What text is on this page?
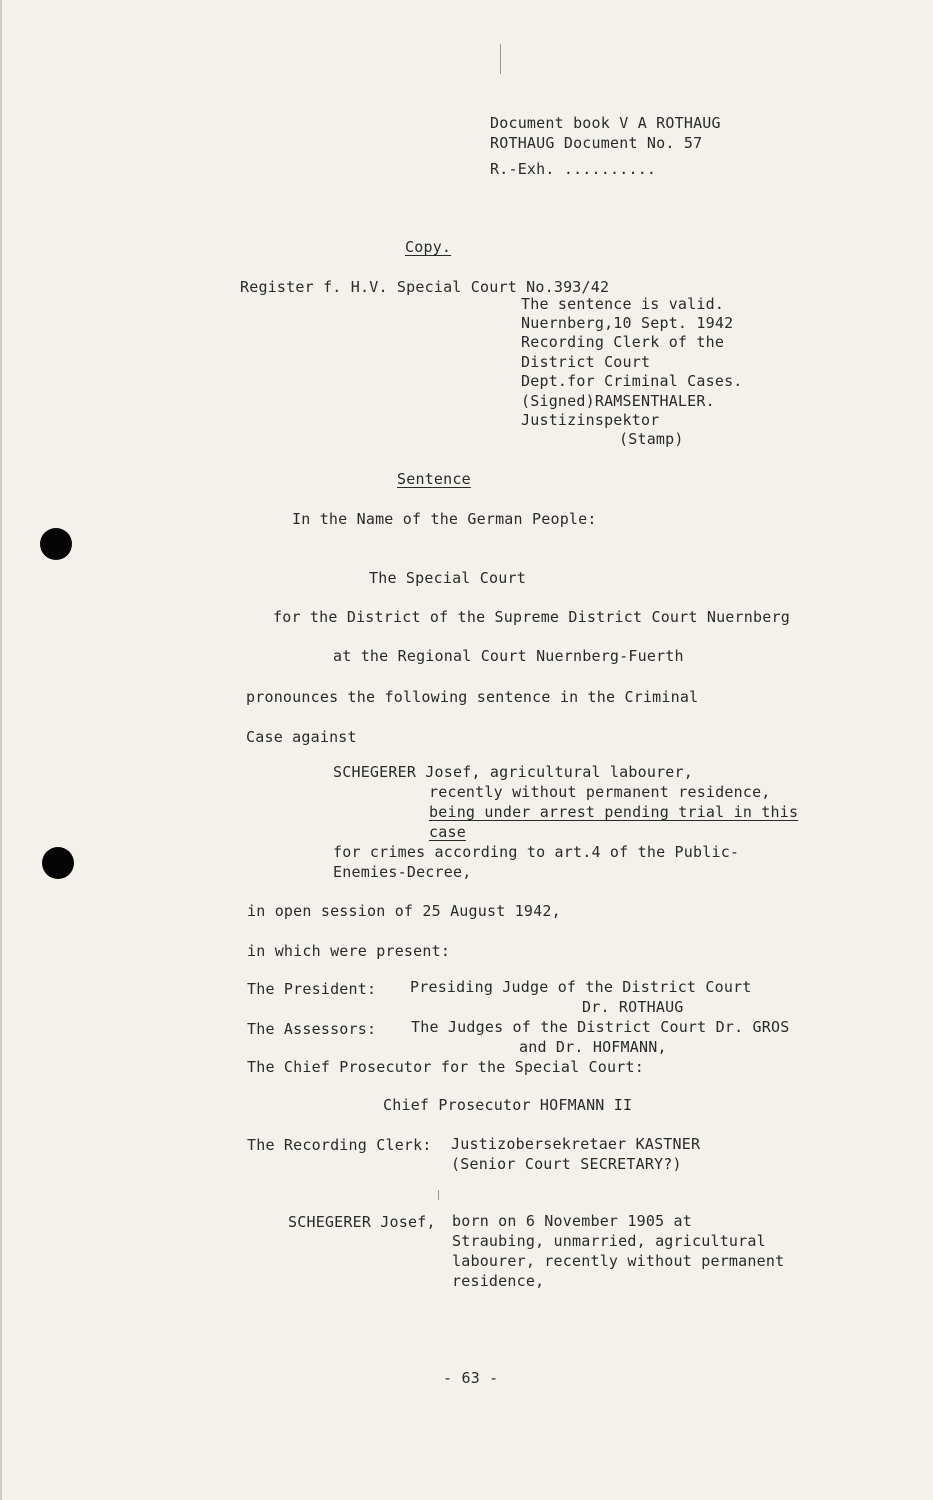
Document book V A ROTHAUG
ROTHAUG Document No. 57
R.-Exh. ..........
Copy.
Register f. H.V. Special Court No.393/42
The sentence is valid.
Nuernberg,10 Sept. 1942
Recording Clerk of the
District Court
Dept.for Criminal Cases.
(Signed)RAMSENTHALER.
Justizinspektor
(Stamp)
Sentence
In the Name of the German People:
The Special Court
for the District of the Supreme District Court Nuernberg
at the Regional Court Nuernberg-Fuerth
pronounces the following sentence in the Criminal
Case against
SCHEGERER Josef, agricultural labourer,
recently without permanent residence,
being under arrest pending trial in this
case
for crimes according to art.4 of the Public-
Enemies-Decree,
in open session of 25 August 1942,
in which were present:
The President: Presiding Judge of the District Court
Dr. ROTHAUG
The Assessors: The Judges of the District Court Dr. GROS
and Dr. HOFMANN,
The Chief Prosecutor for the Special Court:
Chief Prosecutor HOFMANN II
The Recording Clerk: Justizobersekretaer KASTNER
(Senior Court SECRETARY?)
SCHEGERER Josef, born on 6 November 1905 at
Straubing, unmarried, agricultural
labourer, recently without permanent
residence,
- 63 -
